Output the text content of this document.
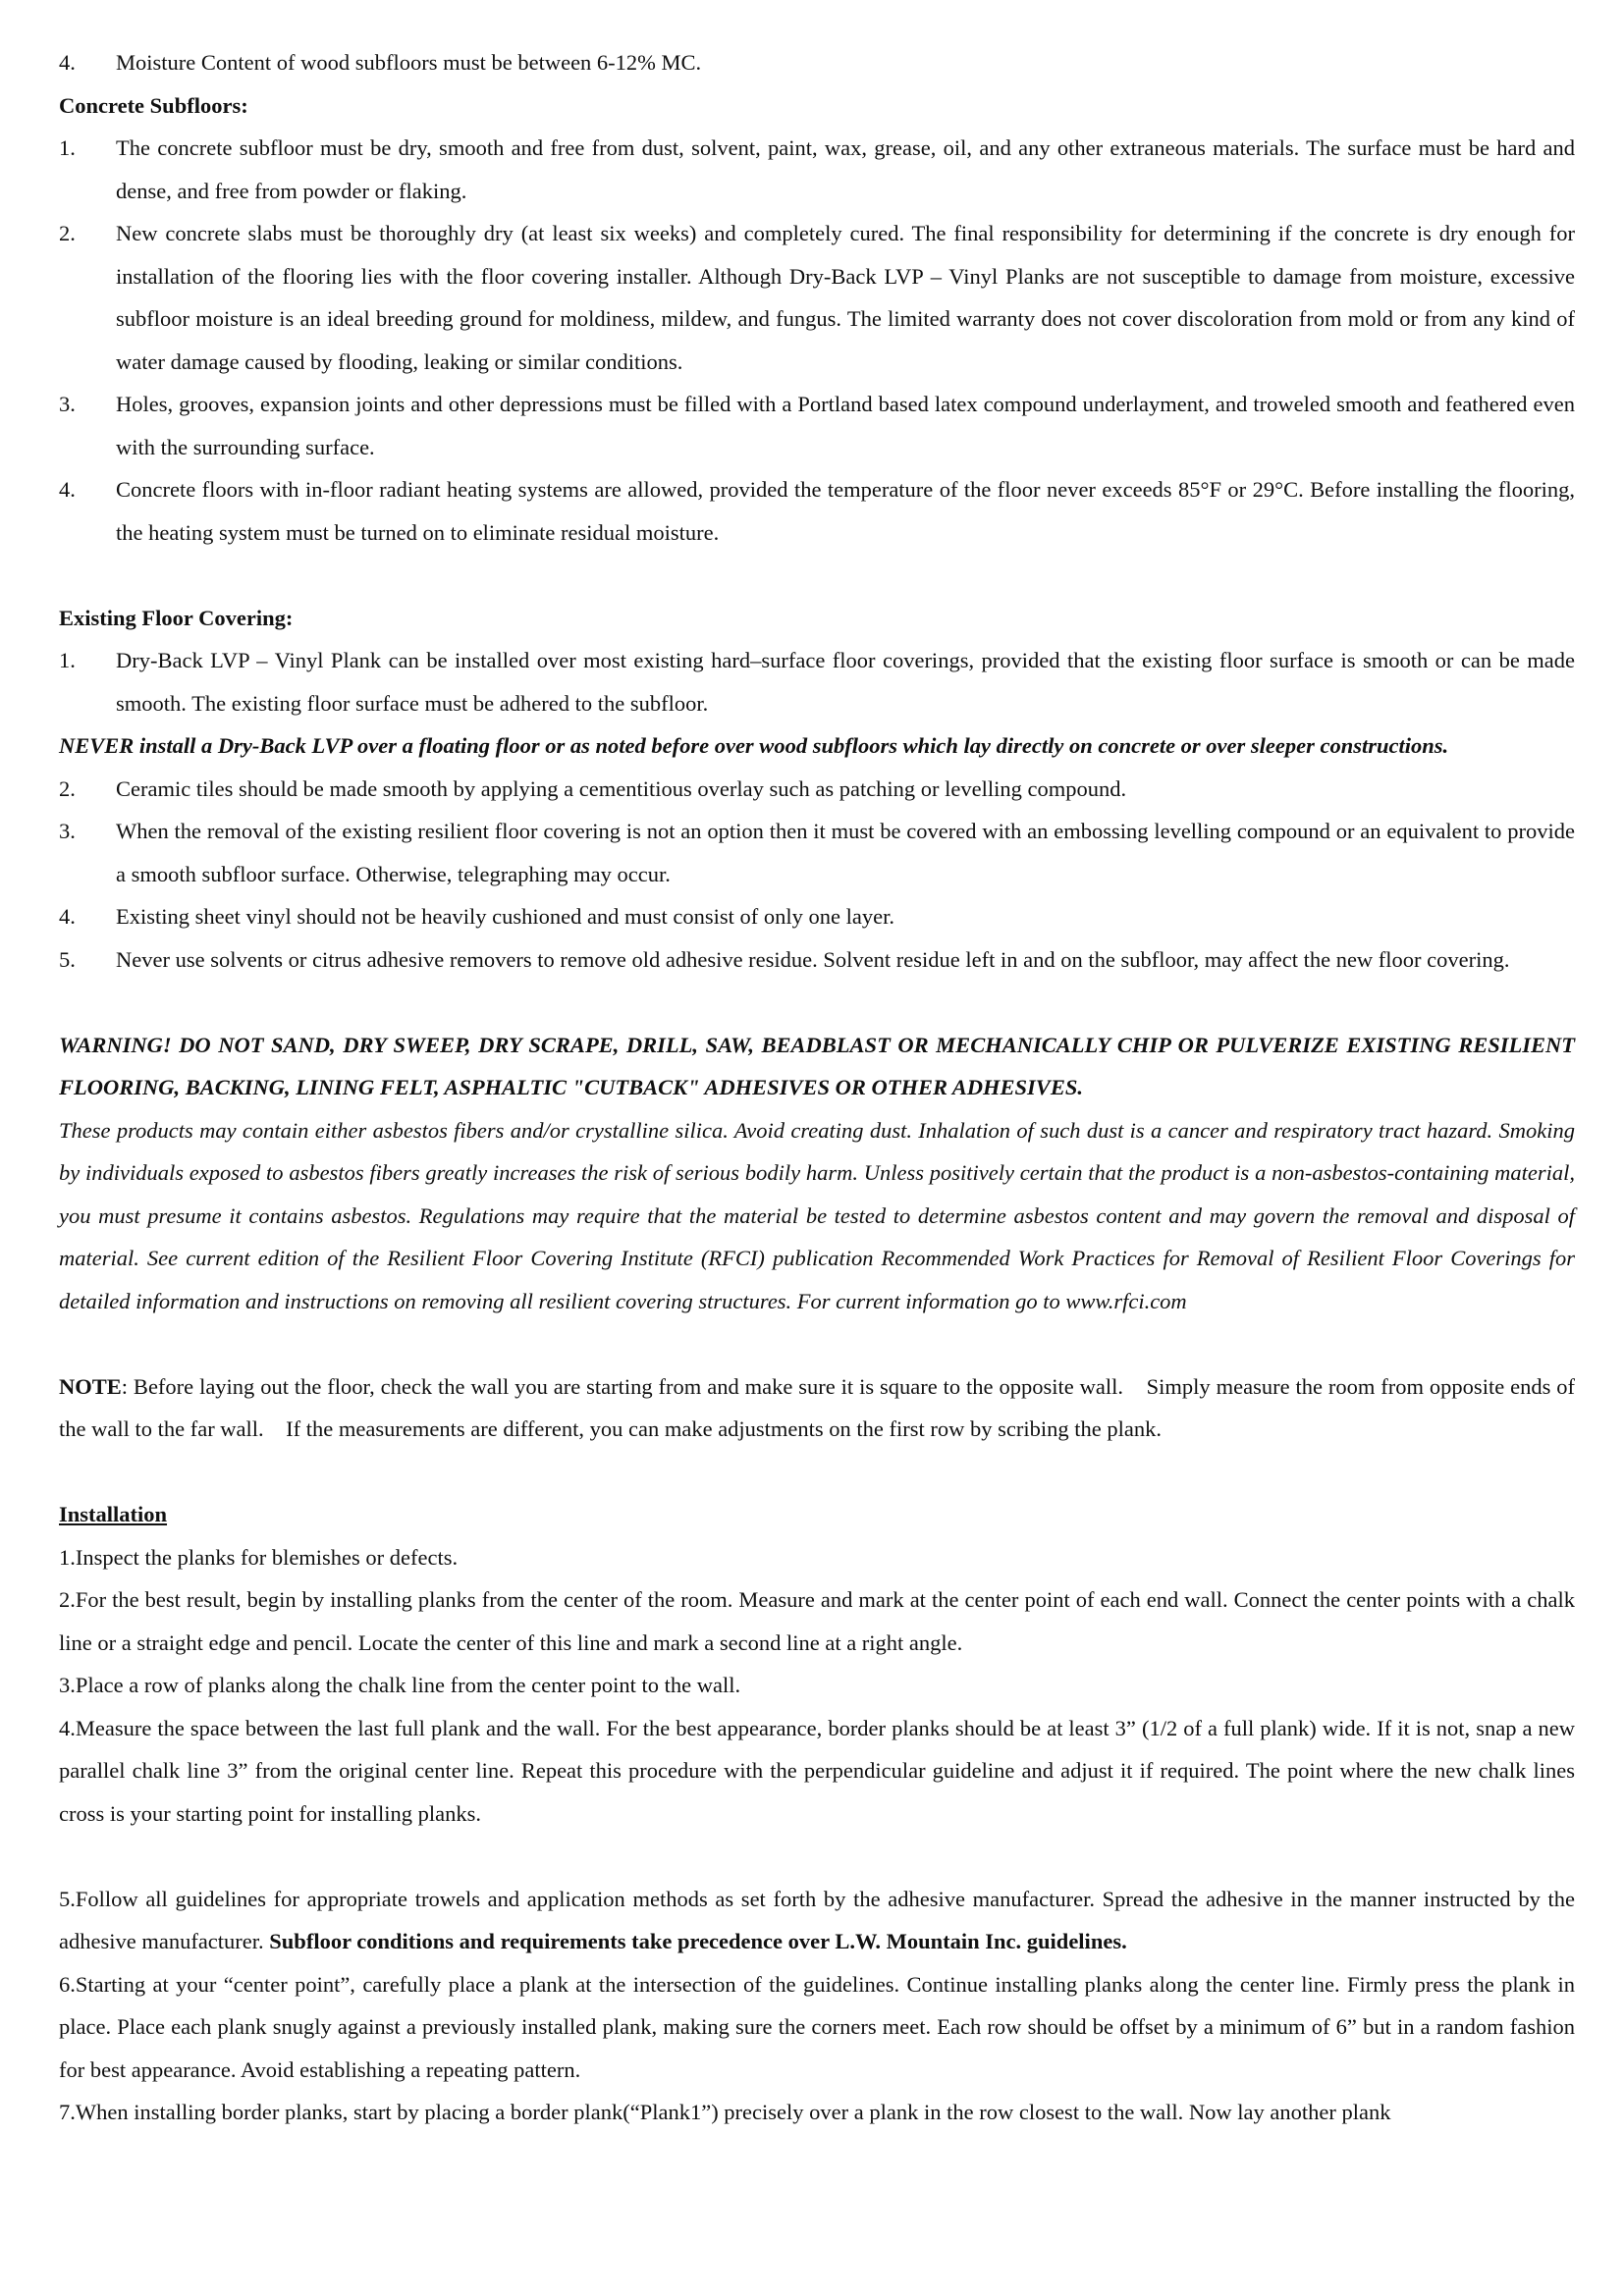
4. Moisture Content of wood subfloors must be between 6-12% MC.
Concrete Subfloors:
1. The concrete subfloor must be dry, smooth and free from dust, solvent, paint, wax, grease, oil, and any other extraneous materials. The surface must be hard and dense, and free from powder or flaking.
2. New concrete slabs must be thoroughly dry (at least six weeks) and completely cured. The final responsibility for determining if the concrete is dry enough for installation of the flooring lies with the floor covering installer. Although Dry-Back LVP – Vinyl Planks are not susceptible to damage from moisture, excessive subfloor moisture is an ideal breeding ground for moldiness, mildew, and fungus. The limited warranty does not cover discoloration from mold or from any kind of water damage caused by flooding, leaking or similar conditions.
3. Holes, grooves, expansion joints and other depressions must be filled with a Portland based latex compound underlayment, and troweled smooth and feathered even with the surrounding surface.
4. Concrete floors with in-floor radiant heating systems are allowed, provided the temperature of the floor never exceeds 85°F or 29°C. Before installing the flooring, the heating system must be turned on to eliminate residual moisture.
Existing Floor Covering:
1. Dry-Back LVP – Vinyl Plank can be installed over most existing hard–surface floor coverings, provided that the existing floor surface is smooth or can be made smooth. The existing floor surface must be adhered to the subfloor.
NEVER install a Dry-Back LVP over a floating floor or as noted before over wood subfloors which lay directly on concrete or over sleeper constructions.
2. Ceramic tiles should be made smooth by applying a cementitious overlay such as patching or levelling compound.
3. When the removal of the existing resilient floor covering is not an option then it must be covered with an embossing levelling compound or an equivalent to provide a smooth subfloor surface. Otherwise, telegraphing may occur.
4. Existing sheet vinyl should not be heavily cushioned and must consist of only one layer.
5. Never use solvents or citrus adhesive removers to remove old adhesive residue. Solvent residue left in and on the subfloor, may affect the new floor covering.
WARNING! DO NOT SAND, DRY SWEEP, DRY SCRAPE, DRILL, SAW, BEADBLAST OR MECHANICALLY CHIP OR PULVERIZE EXISTING RESILIENT FLOORING, BACKING, LINING FELT, ASPHALTIC "CUTBACK" ADHESIVES OR OTHER ADHESIVES.
These products may contain either asbestos fibers and/or crystalline silica. Avoid creating dust. Inhalation of such dust is a cancer and respiratory tract hazard. Smoking by individuals exposed to asbestos fibers greatly increases the risk of serious bodily harm. Unless positively certain that the product is a non-asbestos-containing material, you must presume it contains asbestos. Regulations may require that the material be tested to determine asbestos content and may govern the removal and disposal of material. See current edition of the Resilient Floor Covering Institute (RFCI) publication Recommended Work Practices for Removal of Resilient Floor Coverings for detailed information and instructions on removing all resilient covering structures. For current information go to www.rfci.com
NOTE: Before laying out the floor, check the wall you are starting from and make sure it is square to the opposite wall.    Simply measure the room from opposite ends of the wall to the far wall.    If the measurements are different, you can make adjustments on the first row by scribing the plank.
Installation
1.Inspect the planks for blemishes or defects.
2.For the best result, begin by installing planks from the center of the room. Measure and mark at the center point of each end wall. Connect the center points with a chalk line or a straight edge and pencil. Locate the center of this line and mark a second line at a right angle.
3.Place a row of planks along the chalk line from the center point to the wall.
4.Measure the space between the last full plank and the wall. For the best appearance, border planks should be at least 3” (1/2 of a full plank) wide. If it is not, snap a new parallel chalk line 3” from the original center line. Repeat this procedure with the perpendicular guideline and adjust it if required. The point where the new chalk lines cross is your starting point for installing planks.
5.Follow all guidelines for appropriate trowels and application methods as set forth by the adhesive manufacturer. Spread the adhesive in the manner instructed by the adhesive manufacturer. Subfloor conditions and requirements take precedence over L.W. Mountain Inc. guidelines.
6.Starting at your “center point”, carefully place a plank at the intersection of the guidelines. Continue installing planks along the center line. Firmly press the plank in place. Place each plank snugly against a previously installed plank, making sure the corners meet. Each row should be offset by a minimum of 6” but in a random fashion for best appearance. Avoid establishing a repeating pattern.
7.When installing border planks, start by placing a border plank(“Plank1”) precisely over a plank in the row closest to the wall. Now lay another plank
